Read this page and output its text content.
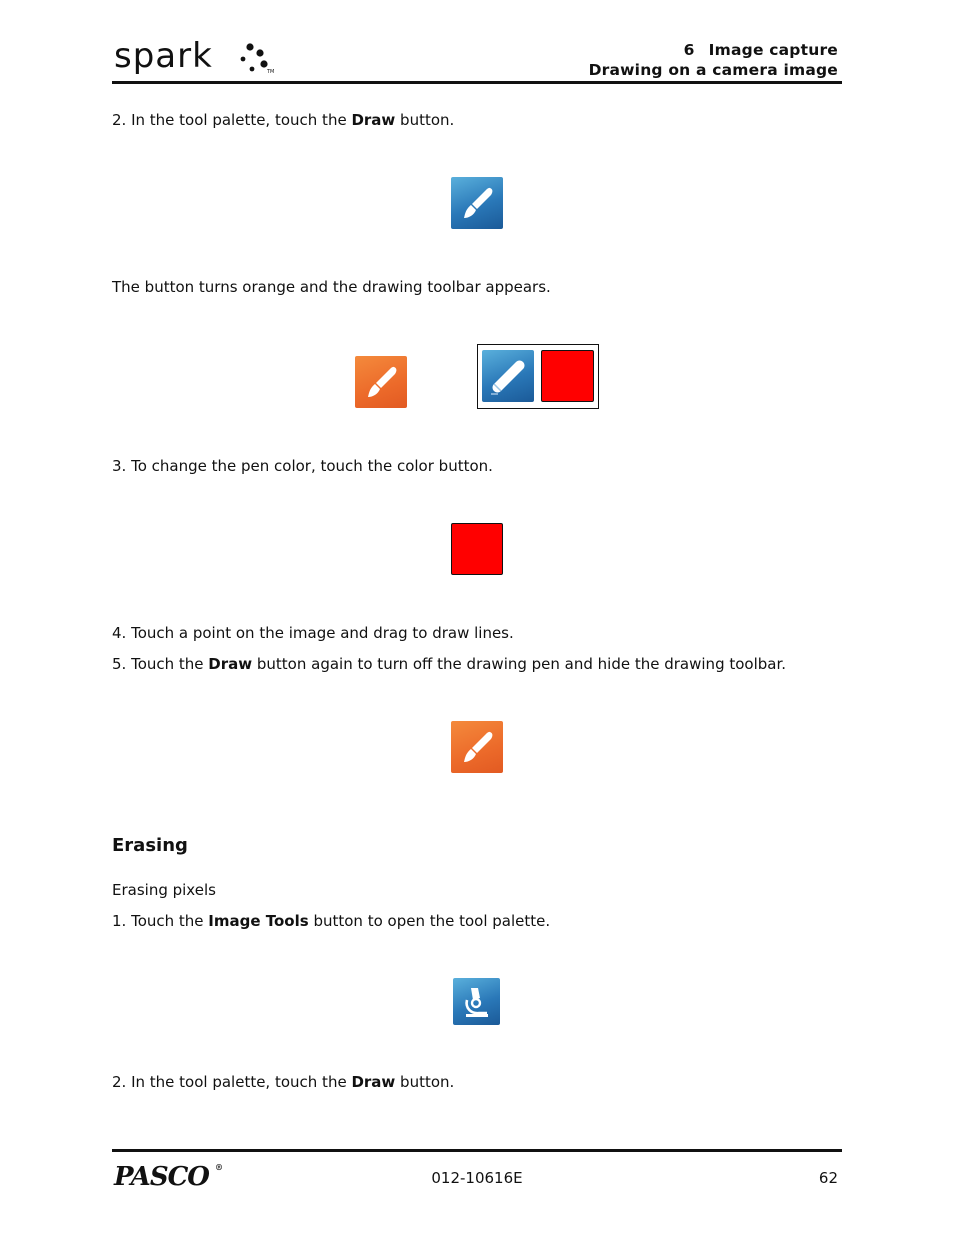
spark	TM
6 Image capture
Drawing on a camera image
2. In the tool palette, touch the Draw button.
The button turns orange and the drawing toolbar appears.
3. To change the pen color, touch the color button.
4. Touch a point on the image and drag to draw lines.
5. Touch the Draw button again to turn off the drawing pen and hide the drawing toolbar.
Erasing
Erasing pixels
1. Touch the Image Tools button to open the tool palette.
2. In the tool palette, touch the Draw button.
PASCO ®
012-10616E	62
